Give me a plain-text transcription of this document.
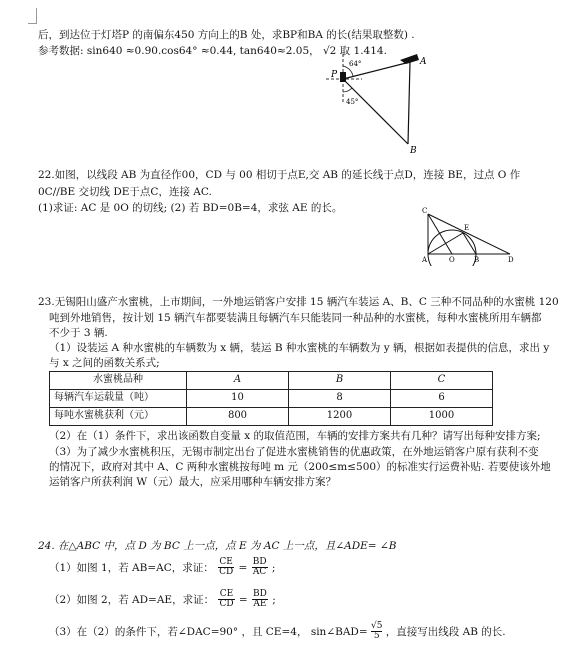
后，到达位于灯塔P 的南偏东450 方向上的B 处，求BP和BA 的长(结果取整数) .
参考数据: sin640 ≈0.90.cos64° ≈0.44, tan640≈2.05， √2 取 1.414.
64°
45°
A
B
P
22.如图，以线段 AB 为直径作00，CD 与 00 相切于点E,交 AB 的延长线于点D，连接 BE，过点 O 作
0C//BE 交切线 DE于点C，连接 AC.
(1)求证: AC 是 0O 的切线; (2) 若 BD=0B=4，求弦 AE 的长。	C
E
A	O	B	D
23.无锡阳山盛产水蜜桃，上市期间，一外地运销客户安排 15 辆汽车装运 A、B、C 三种不同品种的水蜜桃 120
吨到外地销售，按计划 15 辆汽车都要装满且每辆汽车只能装同一种品种的水蜜桃，每种水蜜桃所用车辆都
不少于 3 辆.
（1）设装运 A 种水蜜桃的车辆数为 x 辆，装运 B 种水蜜桃的车辆数为 y 辆，根据如表提供的信息，求出 y
与 x 之间的函数关系式;
水蜜桃品种	A	B	C
每辆汽车运载量（吨）	10	8	6
每吨水蜜桃获利（元）	800	1200	1000
（2）在（1）条件下，求出该函数自变量 x 的取值范围，车辆的安排方案共有几种？请写出每种安排方案;
（3）为了减少水蜜桃积压，无锡市制定出台了促进水蜜桃销售的优惠政策，在外地运销客户原有获利不变
的情况下，政府对其中 A、C 两种水蜜桃按每吨 m 元（200≤m≤500）的标准实行运费补贴. 若要使该外地
运销客户所获利润 W（元）最大，应采用哪种车辆安排方案？
24. 在△ABC 中，点 D 为 BC 上一点，点 E 为 AC 上一点，且∠ADE= ∠B
（1）如图 1，若 AB=AC，求证： $\frac{CE}{CD} = \frac{BD}{AC}$ ;
（2）如图 2，若 AD=AE，求证： $\frac{CE}{CD} = \frac{BD}{AE}$ ;
（3）在（2）的条件下，若∠DAC=90° ，且 CE=4， sin∠BAD= $\frac{√5}{5}$ ，直接写出线段 AB 的长.
